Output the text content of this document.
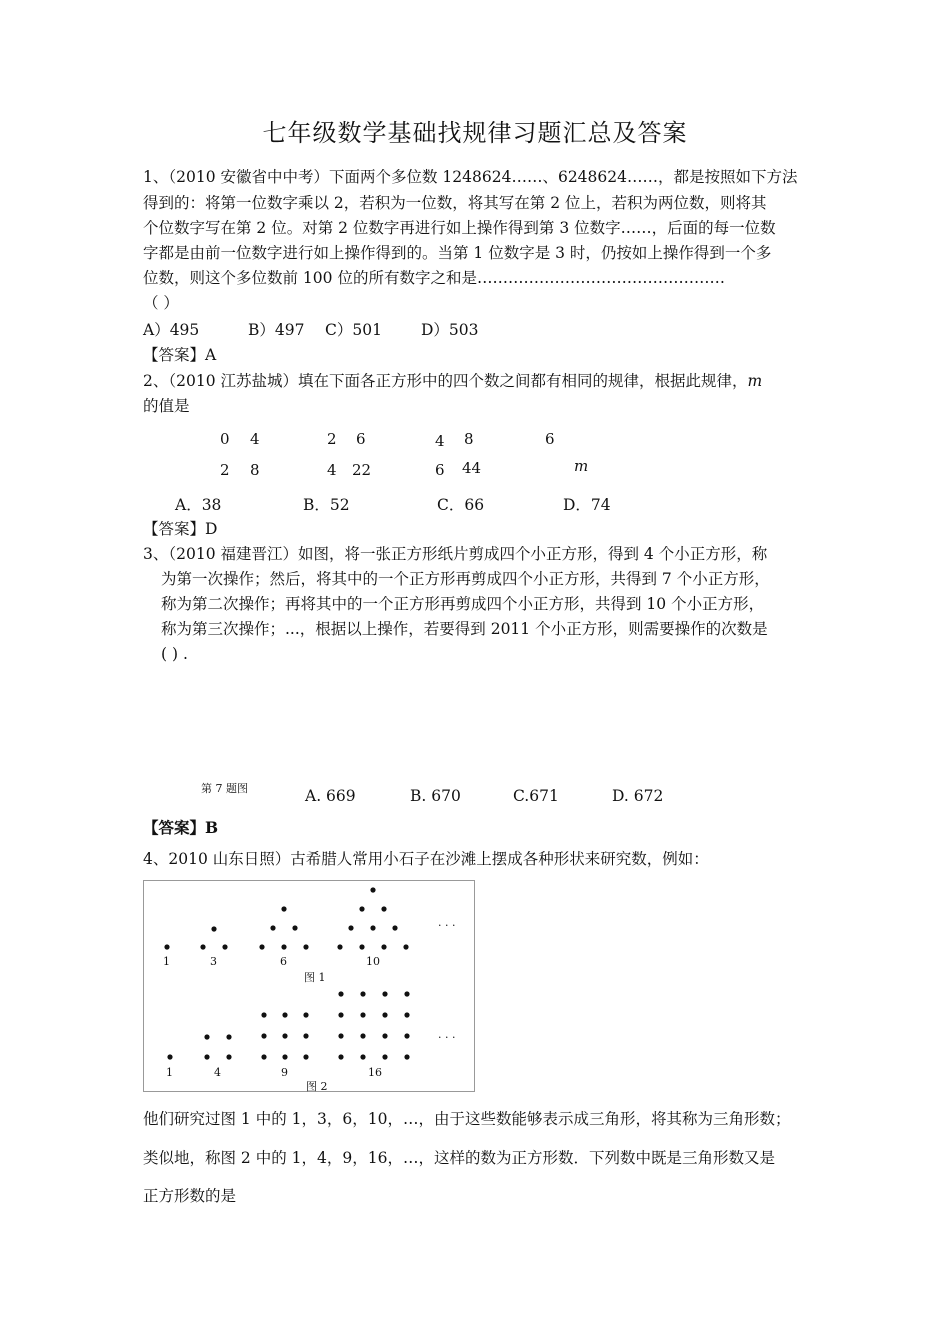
七年级数学基础找规律习题汇总及答案
1、（2010 安徽省中中考）下面两个多位数 1248624……、6248624……，都是按照如下方法
得到的：将第一位数字乘以 2，若积为一位数，将其写在第 2 位上，若积为两位数，则将其
个位数字写在第 2 位。对第 2 位数字再进行如上操作得到第 3 位数字……，后面的每一位数
字都是由前一位数字进行如上操作得到的。当第 1 位数字是 3 时，仍按如上操作得到一个多
位数，则这个多位数前 100 位的所有数字之和是…………………………………………
（ ）
A）495	B）497 C）501	D）503
【答案】A
2、（2010 江苏盐城）填在下面各正方形中的四个数之间都有相同的规律，根据此规律，m
的值是
0 4
2 8
2 6
4 22
4 8
6 44
6
m
A．38	B．52	C．66	D．74
【答案】D
3、（2010 福建晋江）如图，将一张正方形纸片剪成四个小正方形，得到 4 个小正方形，称
为第一次操作；然后，将其中的一个正方形再剪成四个小正方形，共得到 7 个小正方形，
称为第二次操作；再将其中的一个正方形再剪成四个小正方形，共得到 10 个小正方形，
称为第三次操作；...，根据以上操作，若要得到 2011 个小正方形，则需要操作的次数是
( ) .
第 7 题图	A. 669	B. 670	C.671	D. 672
【答案】B
4、2010 山东日照）古希腊人常用小石子在沙滩上摆成各种形状来研究数，例如：
1	3	6	10
图 1
· · ·
1	4	9	16
图 2
· · ·
他们研究过图 1 中的 1，3，6，10，…，由于这些数能够表示成三角形，将其称为三角形数；
类似地，称图 2 中的 1，4，9，16，…，这样的数为正方形数．下列数中既是三角形数又是
正方形数的是
